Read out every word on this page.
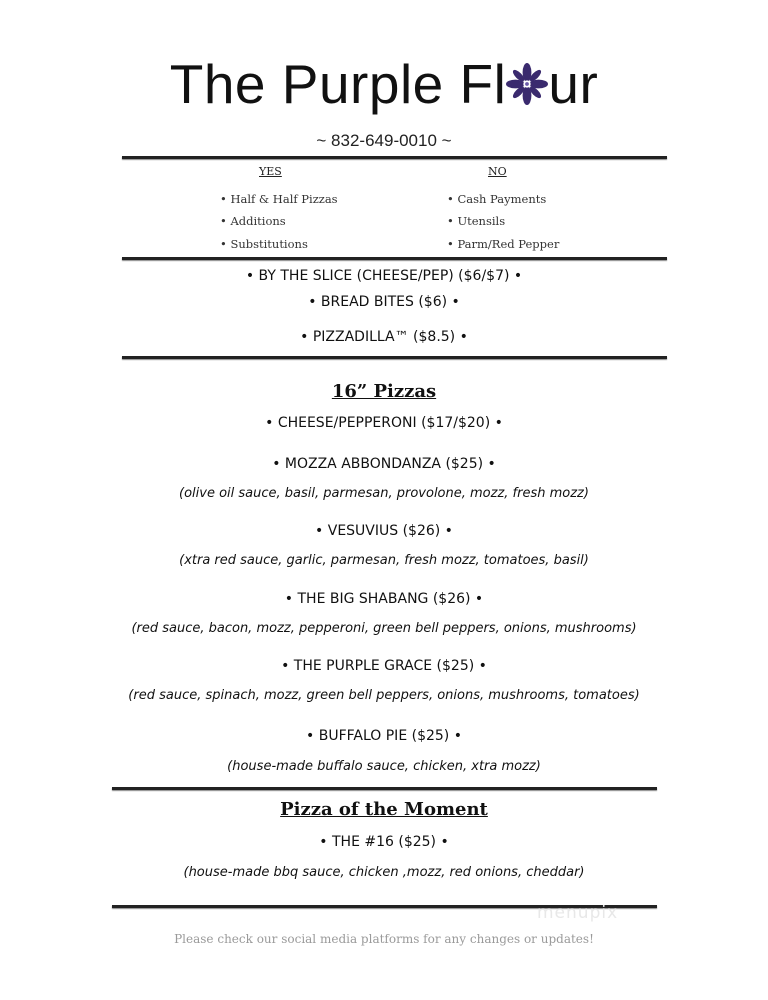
The Purple Fl ur
~ 832-649-0010 ~
YES	NO
• Half & Half Pizzas
• Additions
• Substitutions
• Cash Payments
• Utensils
• Parm/Red Pepper
• BY THE SLICE (CHEESE/PEP) ($6/$7) •
• BREAD BITES ($6) •
• PIZZADILLA™ ($8.5) •
16” Pizzas
• CHEESE/PEPPERONI ($17/$20) •
• MOZZA ABBONDANZA ($25) •
(olive oil sauce, basil, parmesan, provolone, mozz, fresh mozz)
• VESUVIUS ($26) •
(xtra red sauce, garlic, parmesan, fresh mozz, tomatoes, basil)
• THE BIG SHABANG ($26) •
(red sauce, bacon, mozz, pepperoni, green bell peppers, onions, mushrooms)
• THE PURPLE GRACE ($25) •
(red sauce, spinach, mozz, green bell peppers, onions, mushrooms, tomatoes)
• BUFFALO PIE ($25) •
(house-made buffalo sauce, chicken, xtra mozz)
Pizza of the Moment
• THE #16 ($25) •
(house-made bbq sauce, chicken ,mozz, red onions, cheddar)
menupix
Please check our social media platforms for any changes or updates!
